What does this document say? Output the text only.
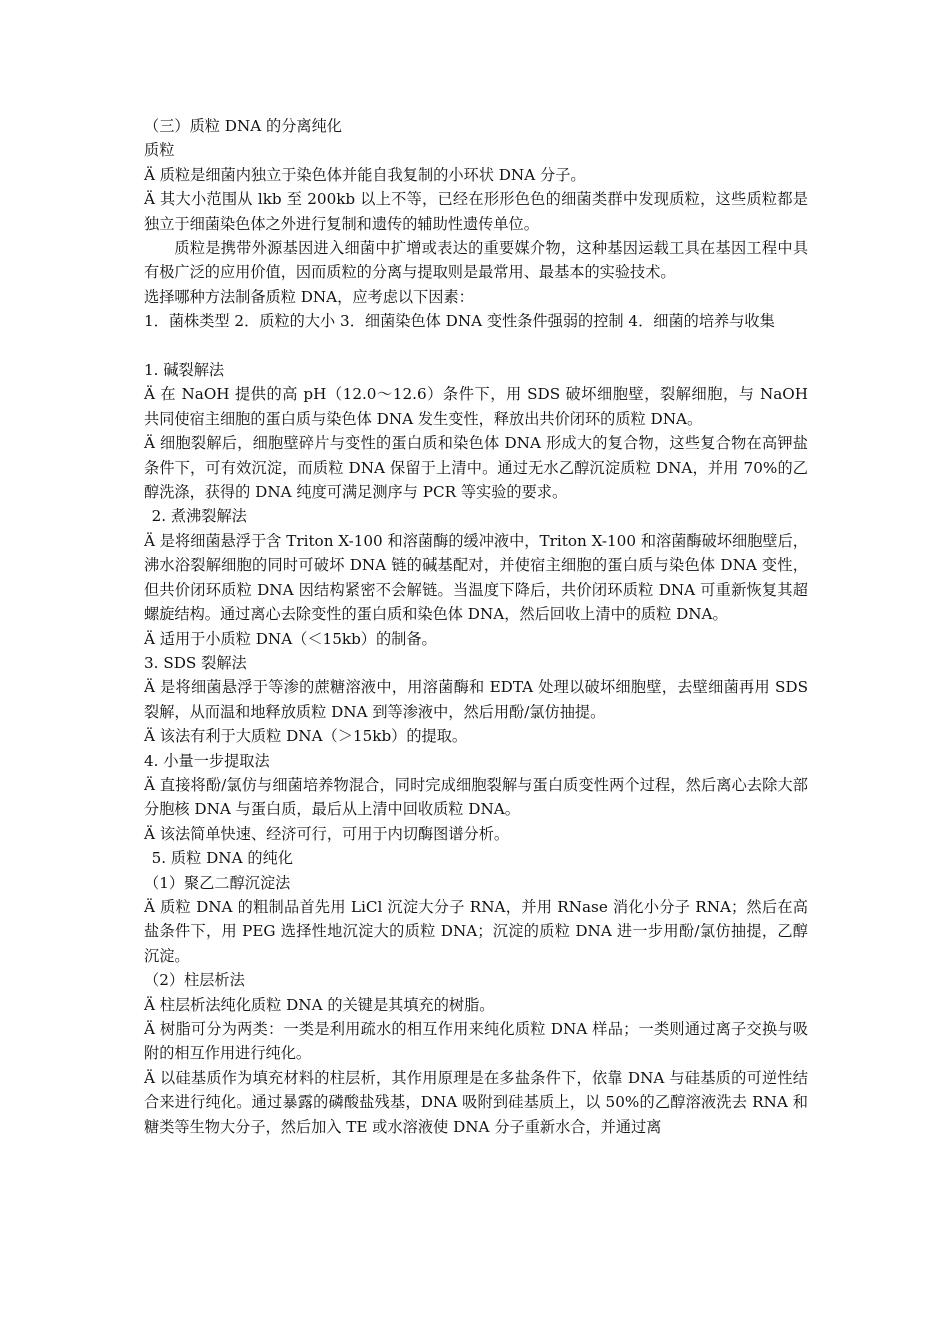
（三）质粒 DNA 的分离纯化

质粒

Ä 质粒是细菌内独立于染色体并能自我复制的小环状 DNA 分子。

Ä 其大小范围从 lkb 至 200kb 以上不等，已经在形形色色的细菌类群中发现质粒，这些质粒都是独立于细菌染色体之外进行复制和遗传的辅助性遗传单位。

质粒是携带外源基因进入细菌中扩增或表达的重要媒介物，这种基因运载工具在基因工程中具有极广泛的应用价值，因而质粒的分离与提取则是最常用、最基本的实验技术。

选择哪种方法制备质粒 DNA，应考虑以下因素：

1．菌株类型 2．质粒的大小 3．细菌染色体 DNA 变性条件强弱的控制 4．细菌的培养与收集

1. 碱裂解法

Ä 在 NaOH 提供的高 pH（12.0～12.6）条件下，用 SDS 破坏细胞壁，裂解细胞，与 NaOH 共同使宿主细胞的蛋白质与染色体 DNA 发生变性，释放出共价闭环的质粒 DNA。

Ä 细胞裂解后，细胞壁碎片与变性的蛋白质和染色体 DNA 形成大的复合物，这些复合物在高钾盐条件下，可有效沉淀，而质粒 DNA 保留于上清中。通过无水乙醇沉淀质粒 DNA，并用 70%的乙醇洗涤，获得的 DNA 纯度可满足测序与 PCR 等实验的要求。

2. 煮沸裂解法

Ä 是将细菌悬浮于含 Triton X-100 和溶菌酶的缓冲液中，Triton X-100 和溶菌酶破坏细胞壁后，沸水浴裂解细胞的同时可破坏 DNA 链的碱基配对，并使宿主细胞的蛋白质与染色体 DNA 变性，但共价闭环质粒 DNA 因结构紧密不会解链。当温度下降后，共价闭环质粒 DNA 可重新恢复其超螺旋结构。通过离心去除变性的蛋白质和染色体 DNA，然后回收上清中的质粒 DNA。

Ä 适用于小质粒 DNA（＜15kb）的制备。

3. SDS 裂解法

Ä 是将细菌悬浮于等渗的蔗糖溶液中，用溶菌酶和 EDTA 处理以破坏细胞壁，去壁细菌再用 SDS 裂解，从而温和地释放质粒 DNA 到等渗液中，然后用酚/氯仿抽提。

Ä 该法有利于大质粒 DNA（＞15kb）的提取。

4. 小量一步提取法

Ä 直接将酚/氯仿与细菌培养物混合，同时完成细胞裂解与蛋白质变性两个过程，然后离心去除大部分胞核 DNA 与蛋白质，最后从上清中回收质粒 DNA。

Ä 该法简单快速、经济可行，可用于内切酶图谱分析。

5. 质粒 DNA 的纯化

（1）聚乙二醇沉淀法

Ä 质粒 DNA 的粗制品首先用 LiCl 沉淀大分子 RNA，并用 RNase 消化小分子 RNA；然后在高盐条件下，用 PEG 选择性地沉淀大的质粒 DNA；沉淀的质粒 DNA 进一步用酚/氯仿抽提，乙醇沉淀。

（2）柱层析法

Ä 柱层析法纯化质粒 DNA 的关键是其填充的树脂。

Ä 树脂可分为两类：一类是利用疏水的相互作用来纯化质粒 DNA 样品；一类则通过离子交换与吸附的相互作用进行纯化。

Ä 以硅基质作为填充材料的柱层析，其作用原理是在多盐条件下，依靠 DNA 与硅基质的可逆性结合来进行纯化。通过暴露的磷酸盐残基，DNA 吸附到硅基质上，以 50%的乙醇溶液洗去 RNA 和糖类等生物大分子，然后加入 TE 或水溶液使 DNA 分子重新水合，并通过离
